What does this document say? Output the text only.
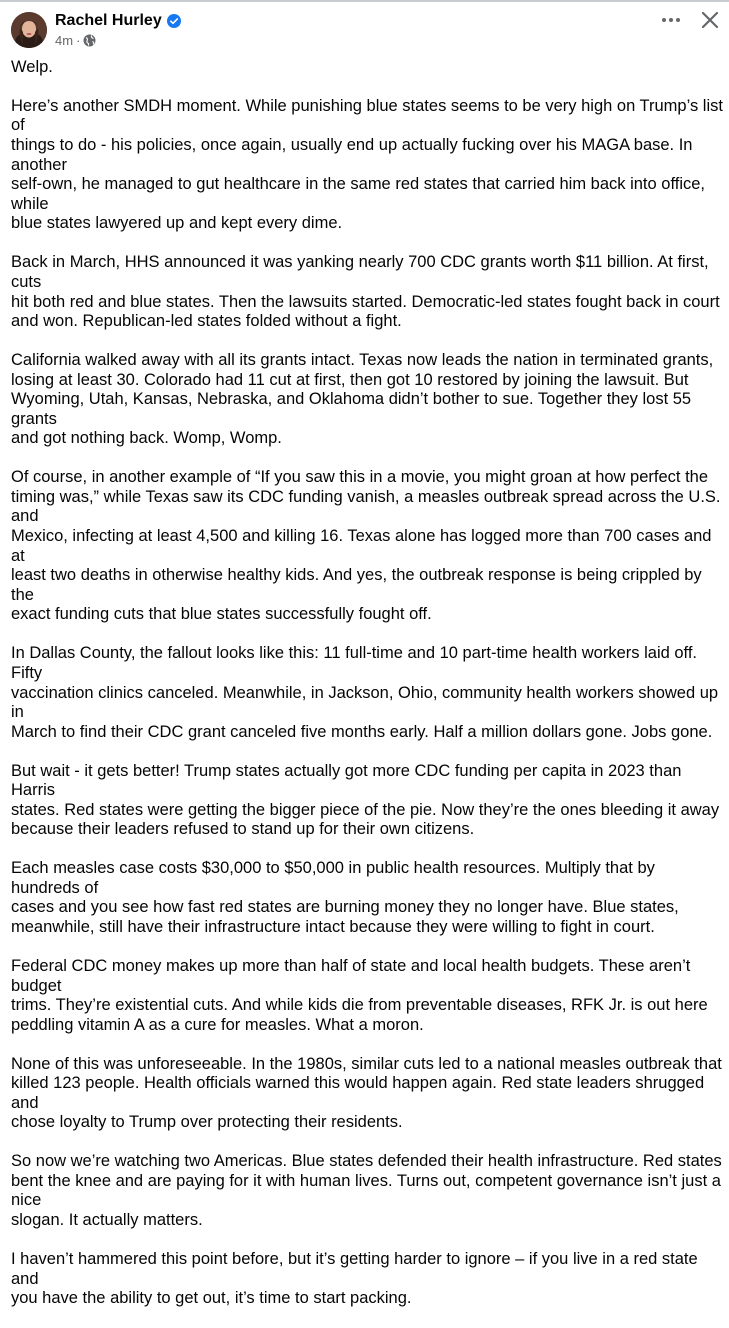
Rachel Hurley
4m ·

Welp.

Here’s another SMDH moment. While punishing blue states seems to be very high on Trump’s list of
things to do - his policies, once again, usually end up actually fucking over his MAGA base. In another
self-own, he managed to gut healthcare in the same red states that carried him back into office, while
blue states lawyered up and kept every dime.

Back in March, HHS announced it was yanking nearly 700 CDC grants worth $11 billion. At first, cuts
hit both red and blue states. Then the lawsuits started. Democratic-led states fought back in court
and won. Republican-led states folded without a fight.

California walked away with all its grants intact. Texas now leads the nation in terminated grants,
losing at least 30. Colorado had 11 cut at first, then got 10 restored by joining the lawsuit. But
Wyoming, Utah, Kansas, Nebraska, and Oklahoma didn’t bother to sue. Together they lost 55 grants
and got nothing back. Womp, Womp.

Of course, in another example of “If you saw this in a movie, you might groan at how perfect the
timing was,” while Texas saw its CDC funding vanish, a measles outbreak spread across the U.S. and
Mexico, infecting at least 4,500 and killing 16. Texas alone has logged more than 700 cases and at
least two deaths in otherwise healthy kids. And yes, the outbreak response is being crippled by the
exact funding cuts that blue states successfully fought off.

In Dallas County, the fallout looks like this: 11 full-time and 10 part-time health workers laid off. Fifty
vaccination clinics canceled. Meanwhile, in Jackson, Ohio, community health workers showed up in
March to find their CDC grant canceled five months early. Half a million dollars gone. Jobs gone.

But wait - it gets better! Trump states actually got more CDC funding per capita in 2023 than Harris
states. Red states were getting the bigger piece of the pie. Now they’re the ones bleeding it away
because their leaders refused to stand up for their own citizens.

Each measles case costs $30,000 to $50,000 in public health resources. Multiply that by hundreds of
cases and you see how fast red states are burning money they no longer have. Blue states,
meanwhile, still have their infrastructure intact because they were willing to fight in court.

Federal CDC money makes up more than half of state and local health budgets. These aren’t budget
trims. They’re existential cuts. And while kids die from preventable diseases, RFK Jr. is out here
peddling vitamin A as a cure for measles. What a moron.

None of this was unforeseeable. In the 1980s, similar cuts led to a national measles outbreak that
killed 123 people. Health officials warned this would happen again. Red state leaders shrugged and
chose loyalty to Trump over protecting their residents.

So now we’re watching two Americas. Blue states defended their health infrastructure. Red states
bent the knee and are paying for it with human lives. Turns out, competent governance isn’t just a nice
slogan. It actually matters.

I haven’t hammered this point before, but it’s getting harder to ignore – if you live in a red state and
you have the ability to get out, it’s time to start packing.
